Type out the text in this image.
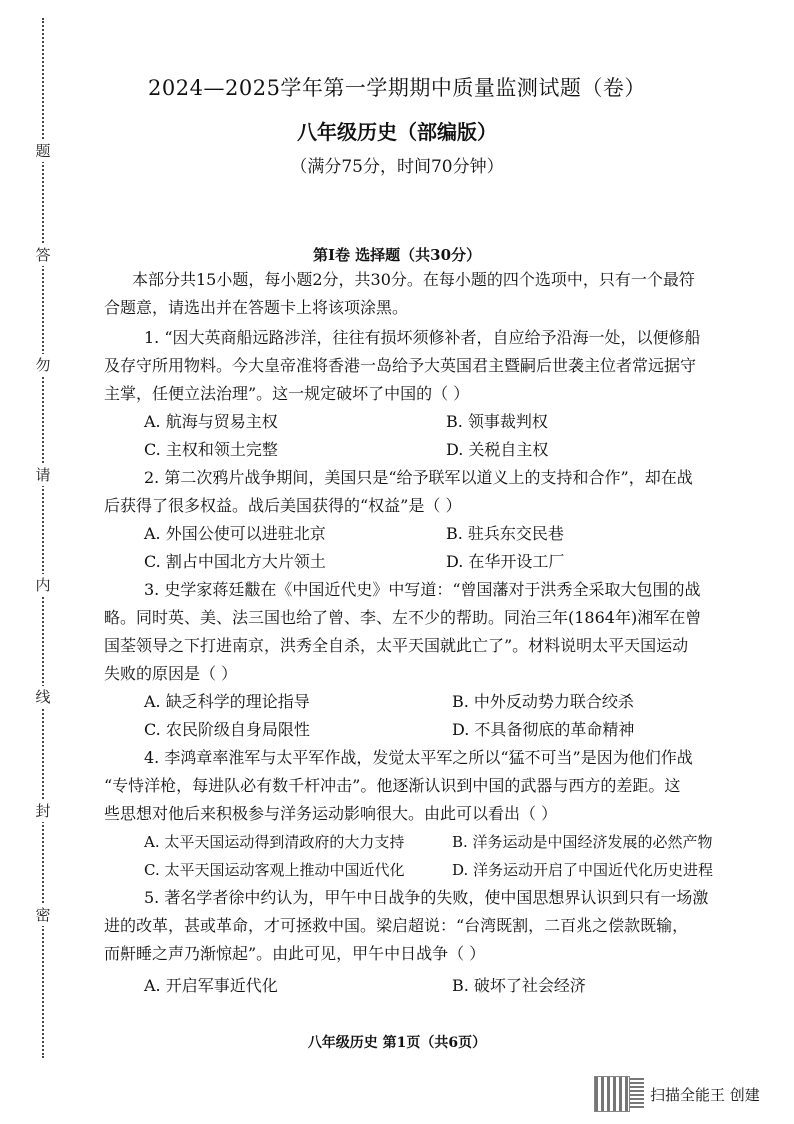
题
答
勿
请
内
线
封
密
2024—2025学年第一学期期中质量监测试题（卷）
八年级历史（部编版）
（满分75分，时间70分钟）
第Ⅰ卷 选择题（共30分）
本部分共15小题，每小题2分，共30分。在每小题的四个选项中，只有一个最符
合题意，请选出并在答题卡上将该项涂黑。
1. “因大英商船远路涉洋，往往有损坏须修补者，自应给予沿海一处，以便修船
及存守所用物料。今大皇帝准将香港一岛给予大英国君主暨嗣后世袭主位者常远据守
主掌，任便立法治理”。这一规定破坏了中国的（ ）
A. 航海与贸易主权	B. 领事裁判权
C. 主权和领土完整	D. 关税自主权
2. 第二次鸦片战争期间，美国只是“给予联军以道义上的支持和合作”，却在战
后获得了很多权益。战后美国获得的“权益”是（ ）
A. 外国公使可以进驻北京	B. 驻兵东交民巷
C. 割占中国北方大片领土	D. 在华开设工厂
3. 史学家蒋廷黻在《中国近代史》中写道：“曾国藩对于洪秀全采取大包围的战
略。同时英、美、法三国也给了曾、李、左不少的帮助。同治三年(1864年)湘军在曾
国荃领导之下打进南京，洪秀全自杀，太平天国就此亡了”。材料说明太平天国运动
失败的原因是（ ）
A. 缺乏科学的理论指导	B. 中外反动势力联合绞杀
C. 农民阶级自身局限性	D. 不具备彻底的革命精神
4. 李鸿章率淮军与太平军作战，发觉太平军之所以“猛不可当”是因为他们作战
“专恃洋枪，每进队必有数千杆冲击”。他逐渐认识到中国的武器与西方的差距。这
些思想对他后来积极参与洋务运动影响很大。由此可以看出（ ）
A. 太平天国运动得到清政府的大力支持	B. 洋务运动是中国经济发展的必然产物
C. 太平天国运动客观上推动中国近代化	D. 洋务运动开启了中国近代化历史进程
5. 著名学者徐中约认为，甲午中日战争的失败，使中国思想界认识到只有一场激
进的改革，甚或革命，才可拯救中国。梁启超说：“台湾既割，二百兆之偿款既输，
而鼾睡之声乃渐惊起”。由此可见，甲午中日战争（ ）
A. 开启军事近代化	B. 破坏了社会经济
八年级历史 第1页（共6页）
扫描全能王 创建
